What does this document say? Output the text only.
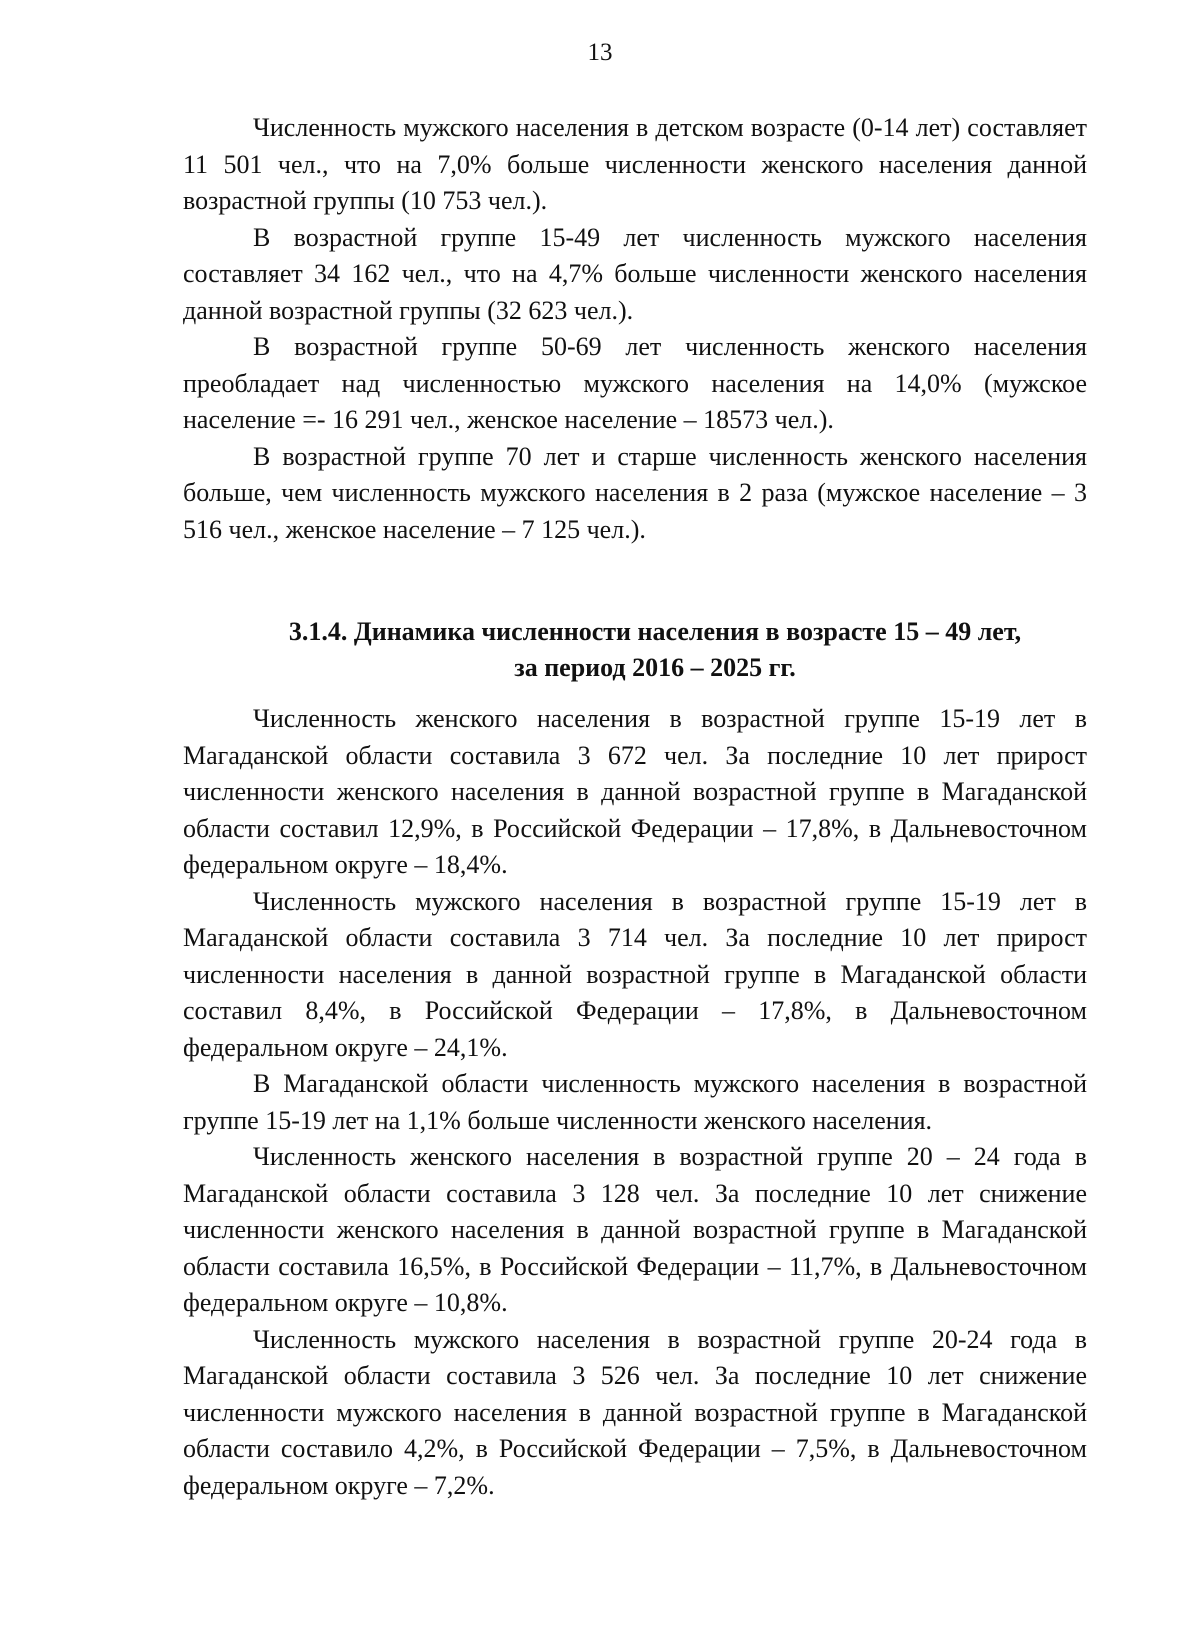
13

Численность мужского населения в детском возрасте (0-14 лет) составляет 11 501 чел., что на 7,0% больше численности женского населения данной возрастной группы (10 753 чел.).

В возрастной группе 15-49 лет численность мужского населения составляет 34 162 чел., что на 4,7% больше численности женского населения данной возрастной группы (32 623 чел.).

В возрастной группе 50-69 лет численность женского населения преобладает над численностью мужского населения на 14,0% (мужское население =- 16 291 чел., женское население – 18573 чел.).

В возрастной группе 70 лет и старше численность женского населения больше, чем численность мужского населения в 2 раза (мужское население – 3 516 чел., женское население – 7 125 чел.).

3.1.4. Динамика численности населения в возрасте 15 – 49 лет,
за период 2016 – 2025 гг.

Численность женского населения в возрастной группе 15-19 лет в Магаданской области составила 3 672 чел. За последние 10 лет прирост численности женского населения в данной возрастной группе в Магаданской области составил 12,9%, в Российской Федерации – 17,8%, в Дальневосточном федеральном округе – 18,4%.

Численность мужского населения в возрастной группе 15-19 лет в Магаданской области составила 3 714 чел. За последние 10 лет прирост численности населения в данной возрастной группе в Магаданской области составил 8,4%, в Российской Федерации – 17,8%, в Дальневосточном федеральном округе – 24,1%.

В Магаданской области численность мужского населения в возрастной группе 15-19 лет на 1,1% больше численности женского населения.

Численность женского населения в возрастной группе 20 – 24 года в Магаданской области составила 3 128 чел. За последние 10 лет снижение численности женского населения в данной возрастной группе в Магаданской области составила 16,5%, в Российской Федерации – 11,7%, в Дальневосточном федеральном округе – 10,8%.

Численность мужского населения в возрастной группе 20-24 года в Магаданской области составила 3 526 чел. За последние 10 лет снижение численности мужского населения в данной возрастной группе в Магаданской области составило 4,2%, в Российской Федерации – 7,5%, в Дальневосточном федеральном округе – 7,2%.
